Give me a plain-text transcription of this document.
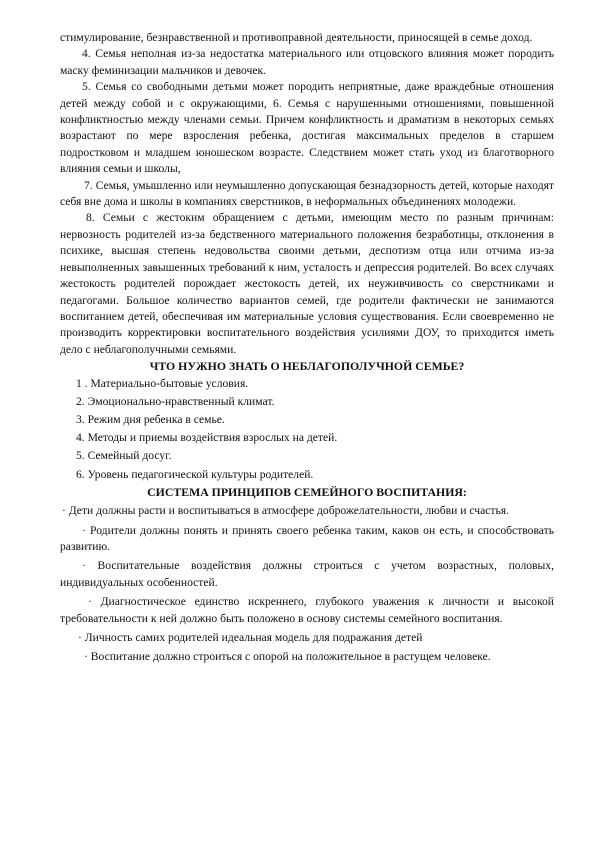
стимулирование, безнравственной и противоправной деятельности, приносящей в семье доход.

4. Семья неполная из-за недостатка материального или отцовского влияния может породить маску феминизации мальчиков и девочек.

5. Семья со свободными детьми может породить неприятные, даже враждебные отношения детей между собой и с окружающими, 6. Семья с нарушенными отношениями, повышенной конфликтностью между членами семьи. Причем конфликтность и драматизм в некоторых семьях возрастают по мере взросления ребенка, достигая максимальных пределов в старшем подростковом и младшем юношеском возрасте. Следствием может стать уход из благотворного влияния семьи и школы,

7. Семья, умышленно или неумышленно допускающая безнадзорность детей, которые находят себя вне дома и школы в компаниях сверстников, в неформальных объединениях молодежи.

8. Семьи с жестоким обращением с детьми, имеющим место по разным причинам: нервозность родителей из-за бедственного материального положения безработицы, отклонения в психике, высшая степень недовольства своими детьми, деспотизм отца или отчима из-за невыполненных завышенных требований к ним, усталость и депрессия родителей. Во всех случаях жестокость родителей порождает жестокость детей, их неуживчивость со сверстниками и педагогами. Большое количество вариантов семей, где родители фактически не занимаются воспитанием детей, обеспечивая им материальные условия существования. Если своевременно не производить корректировки воспитательного воздействия усилиями ДОУ, то приходится иметь дело с неблагополучными семьями.

ЧТО НУЖНО ЗНАТЬ О НЕБЛАГОПОЛУЧНОЙ СЕМЬЕ?

1 . Материально-бытовые условия.
2. Эмоционально-нравственный климат.
3. Режим дня ребенка в семье.
4. Методы и приемы воздействия взрослых на детей.
5. Семейный досуг.
6. Уровень педагогической культуры родителей.

СИСТЕМА ПРИНЦИПОВ СЕМЕЙНОГО ВОСПИТАНИЯ:

· Дети должны расти и воспитываться в атмосфере доброжелательности, любви и счастья.

· Родители должны понять и принять своего ребенка таким, каков он есть, и способствовать развитию.

· Воспитательные воздействия должны строиться с учетом возрастных, половых, индивидуальных особенностей.

· Диагностическое единство искреннего, глубокого уважения к личности и высокой требовательности к ней должно быть положено в основу системы семейного воспитания.

· Личность самих родителей идеальная модель для подражания детей

· Воспитание должно строиться с опорой на положительное в растущем человеке.
